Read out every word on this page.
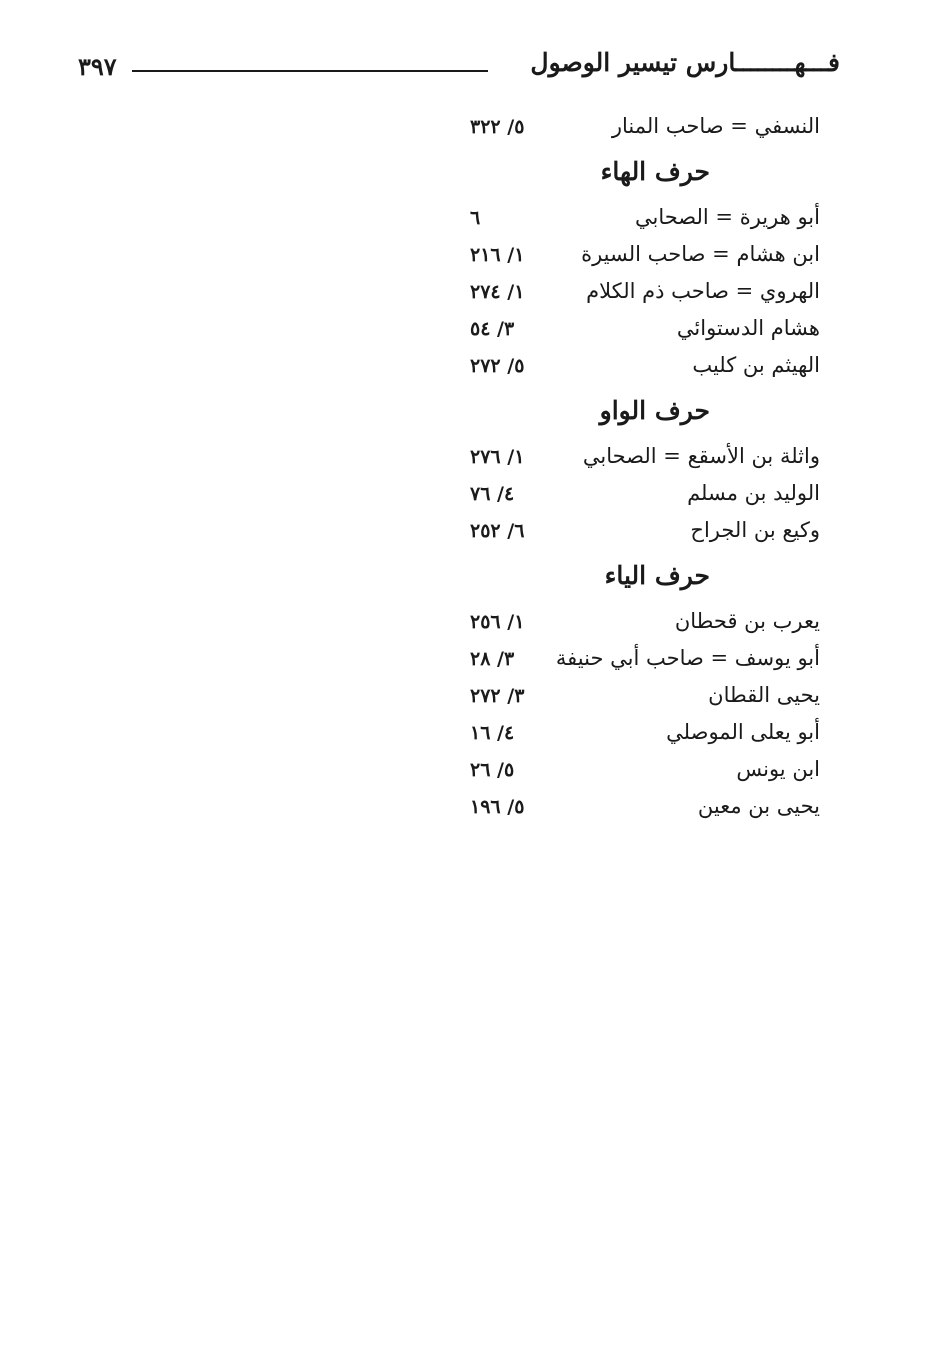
٣٩٧	فـــهــــــــارس تيسير الوصول
النسفي = صاحب المنار
٥/ ٣٢٢
حرف الهاء
أبو هريرة = الصحابي
٦
ابن هشام = صاحب السيرة
١/ ٢١٦
الهروي = صاحب ذم الكلام
١/ ٢٧٤
هشام الدستوائي
٣/ ٥٤
الهيثم بن كليب
٥/ ٢٧٢
حرف الواو
واثلة بن الأسقع = الصحابي
١/ ٢٧٦
الوليد بن مسلم
٤/ ٧٦
وكيع بن الجراح
٦/ ٢٥٢
حرف الياء
يعرب بن قحطان
١/ ٢٥٦
أبو يوسف = صاحب أبي حنيفة
٣/ ٢٨
يحيى القطان
٣/ ٢٧٢
أبو يعلى الموصلي
٤/ ١٦
ابن يونس
٥/ ٢٦
يحيى بن معين
٥/ ١٩٦
